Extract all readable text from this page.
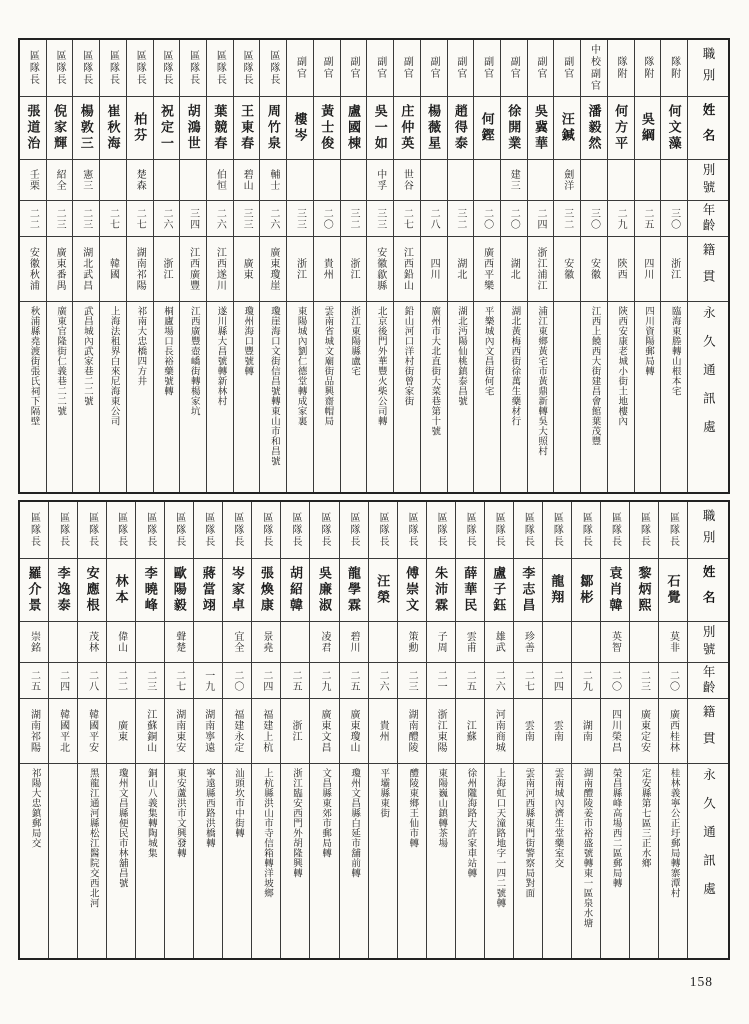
區隊長
張道治
壬栗
二二
安徽秋浦
秋浦縣堯渡街張氏祠下隔壁
區隊長
倪家輝
紹全
二三
廣東番禺
廣東官隆街仁義巷二二號
區隊長
楊敦三
憲三
二三
湖北武昌
武昌城內武家巷二二號
區隊長
崔秋海
二七
韓國
上海法租界白來尼海東公司
區隊長
柏芬
楚森
二七
湖南祁陽
祁南大忠橋四方井
區隊長
祝定一
二六
浙江
桐廬場口長裕藥號轉
區隊長
胡鴻世
三四
江西廣豐
江西廣豐壺嶠街轉楊家坑
區隊長
葉競春
伯恒
二六
江西遂川
遂川縣大昌號轉新林村
區隊長
王東春
碧山
三三
廣東
瓊州海口豐號轉
區隊長
周竹泉
輔士
二六
廣東瓊崖
瓊崖海口文街信昌號轉東山市和昌號
副官
樓岑
三三
浙江
東陽城內劉仁德堂轉成家裏
副官
黃士俊
二〇
貴州
雲南省城文廟街品興齋帽局
副官
盧國棟
三二
浙江
浙江東陽縣盧宅
副官
吳一如
中孚
三三
安徽歙縣
北京後門外華豐火柴公司轉
副官
庄仲英
世谷
二七
江西鉛山
鉛山河口洋村街曾家街
副官
楊薇星
二八
四川
廣州市大北直街大菜巷第十號
副官
趙得泰
三二
湖北
湖北沔陽仙桃鎮泰昌號
副官
何鏗
二〇
廣西平樂
平樂城內文昌街何宅
副官
徐開業
建三
二〇
湖北
湖北黃梅西街徐萬生藥材行
副官
吳冀華
二四
浙江浦江
浦江東鄉黃宅市黃鼎新轉吳大照村
副官
汪鍼
劍洋
三二
安徽
中校副官
潘毅然
三〇
安徽
江西上饒西大街建昌會館葉茂豐
隊附
何方平
二九
陝西
陝西安康老城小街土地樓內
隊附
吳綱
二五
四川
四川資陽郵局轉
隊附
何文藻
三〇
浙江
臨海東塍轉山根本宅
職別
姓名
別號
年齡
籍貫
永久通訊處
區隊長
羅介景
崇銘
二五
湖南祁陽
祁陽大忠鎮郵局交
區隊長
李逸泰
二四
韓國平北
區隊長
安應根
茂林
二八
韓國平安
黑龍江通河縣松江醫院交西北河
區隊長
林本
偉山
二二
廣東
瓊州文昌縣便民市林舖昌號
區隊長
李曉峰
二三
江蘇銅山
銅山八義集轉陶城集
區隊長
歐陽毅
聲楚
二七
湖南東安
東安蘆洪市文興發轉
區隊長
蔣當翊
一九
湖南寧遠
寧遠縣西路洪橋轉
區隊長
岑家卓
宜全
二〇
福建永定
汕頭坎市中街轉
區隊長
張煥康
景堯
二四
福建上杭
上杭縣洪山市寺信箱轉洋坡鄉
區隊長
胡紹韓
二五
浙江
浙江臨安西門外胡隆興轉
區隊長
吳廉淑
凌君
二九
廣東文昌
文昌縣東郊市郵局轉
區隊長
龍學霖
碧川
二五
廣東瓊山
瓊州文昌縣白延市舖前轉
區隊長
汪榮
二六
貴州
平壩縣東街
區隊長
傅崇文
策勳
二三
湖南醴陵
醴陵東鄉王仙市轉
區隊長
朱沛霖
子周
二一
浙江東陽
東陽巍山鎮轉茶場
區隊長
薛華民
雲甫
二五
江蘇
徐州隴海路大許家車站轉
區隊長
盧子鈺
雄武
二六
河南商城
上海虹口天潼路地字一四二號轉
區隊長
李志昌
珍善
二七
雲南
雲南河西縣東門街警察局對面
區隊長
龍翔
二四
雲南
雲南城內濟生堂藥室交
區隊長
鄒彬
二九
湖南
湖南醴陵姜市裕盛號轉東一區泉水塘
區隊長
袁肖韓
英智
二〇
四川榮昌
榮昌縣峰高場西二區郵局轉
區隊長
黎炳熙
二三
廣東定安
定安縣第七區三正水鄉
區隊長
石覺
莫非
二〇
廣西桂林
桂林義寧公正圩郵局轉寨潭村
職別
姓名
別號
年齡
籍貫
永久通訊處
158
